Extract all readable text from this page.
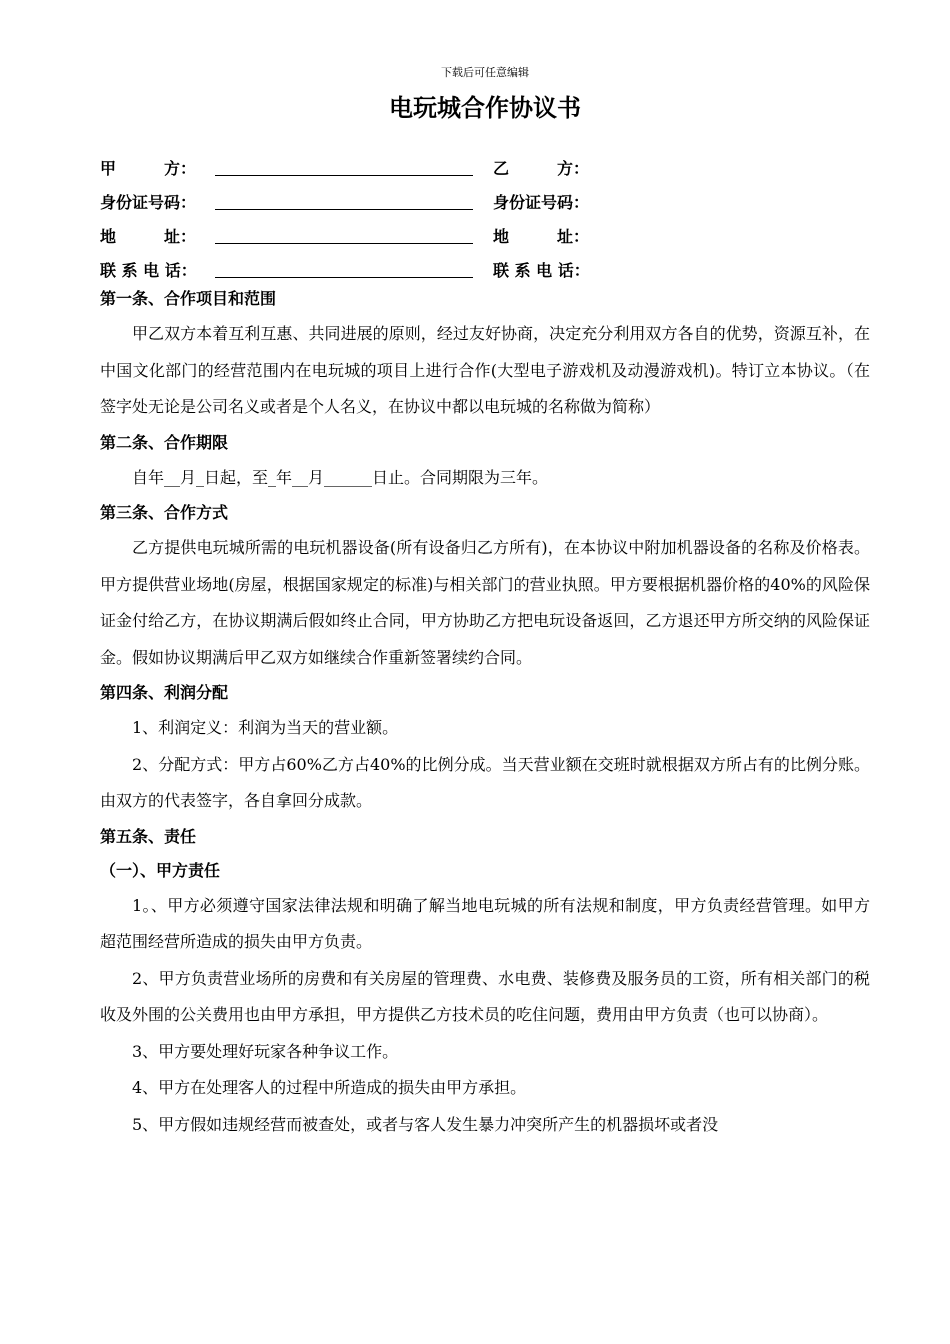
下载后可任意编辑

电玩城合作协议书
甲　　　方：	乙　　　方：
身份证号码：	身份证号码：
地　　　址：	地　　　址：
联 系 电 话：	联 系 电 话：
第一条、合作项目和范围

甲乙双方本着互利互惠、共同进展的原则，经过友好协商，决定充分利用双方各自的优势，资源互补，在中国文化部门的经营范围内在电玩城的项目上进行合作(大型电子游戏机及动漫游戏机)。特订立本协议。（在签字处无论是公司名义或者是个人名义，在协议中都以电玩城的名称做为简称）

第二条、合作期限

自年__月_日起，至_年__月______日止。合同期限为三年。

第三条、合作方式

乙方提供电玩城所需的电玩机器设备(所有设备归乙方所有)，在本协议中附加机器设备的名称及价格表。甲方提供营业场地(房屋，根据国家规定的标准)与相关部门的营业执照。甲方要根据机器价格的40%的风险保证金付给乙方，在协议期满后假如终止合同，甲方协助乙方把电玩设备返回，乙方退还甲方所交纳的风险保证金。假如协议期满后甲乙双方如继续合作重新签署续约合同。

第四条、利润分配

1、利润定义：利润为当天的营业额。

2、分配方式：甲方占60%乙方占40%的比例分成。当天营业额在交班时就根据双方所占有的比例分账。由双方的代表签字，各自拿回分成款。

第五条、责任
（一）、甲方责任

1。、甲方必须遵守国家法律法规和明确了解当地电玩城的所有法规和制度，甲方负责经营管理。如甲方超范围经营所造成的损失由甲方负责。

2、甲方负责营业场所的房费和有关房屋的管理费、水电费、装修费及服务员的工资，所有相关部门的税收及外围的公关费用也由甲方承担，甲方提供乙方技术员的吃住问题，费用由甲方负责（也可以协商）。

3、甲方要处理好玩家各种争议工作。

4、甲方在处理客人的过程中所造成的损失由甲方承担。

5、甲方假如违规经营而被查处，或者与客人发生暴力冲突所产生的机器损坏或者没
